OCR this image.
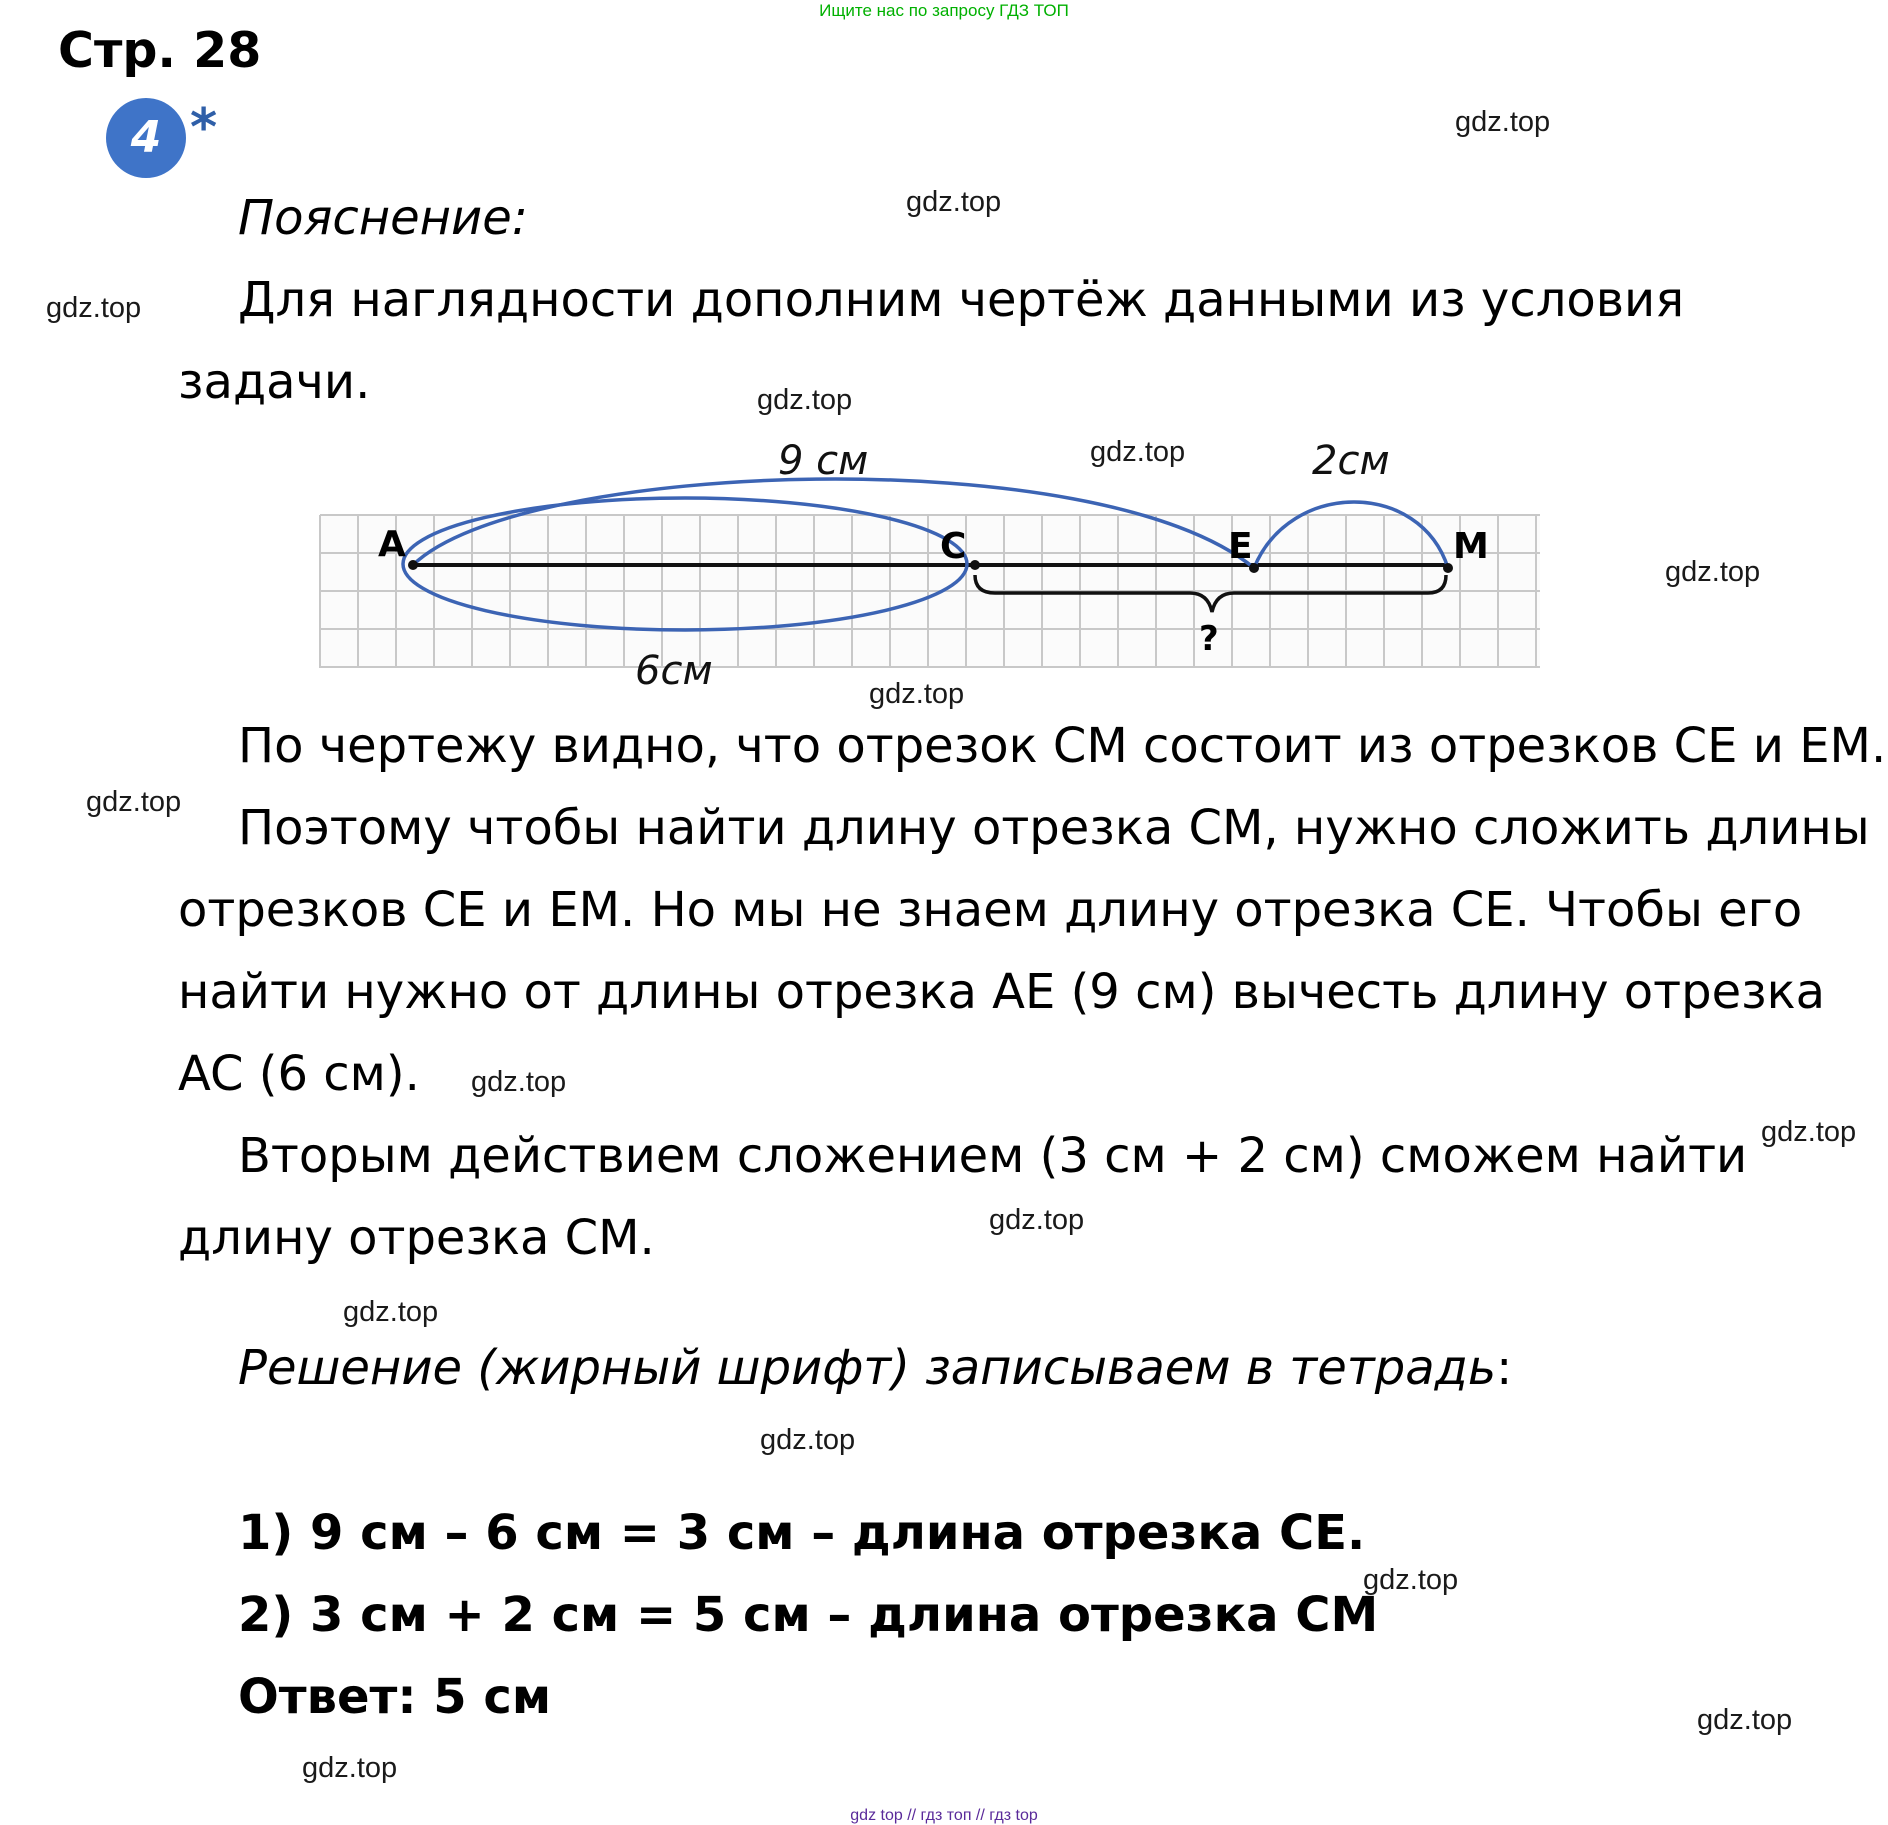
Ищите нас по запросу ГДЗ ТОП
Стр. 28
4 *
Пояснение:
Для наглядности дополним чертёж данными из условия
задачи.
A	C	E	M
?
9 см	2см
6см
По чертежу видно, что отрезок CM состоит из отрезков CE и EM.
Поэтому чтобы найти длину отрезка CM, нужно сложить длины
отрезков CE и EM. Но мы не знаем длину отрезка CE. Чтобы его
найти нужно от длины отрезка AE (9 см) вычесть длину отрезка
AC (6 см).
Вторым действием сложением (3 см + 2 см) сможем найти
длину отрезка CM.
Решение (жирный шрифт) записываем в тетрадь:
1) 9 см – 6 см = 3 см – длина отрезка CE.
2) 3 см + 2 см = 5 см – длина отрезка CM
Ответ: 5 см
gdz.top
gdz.top
gdz.top
gdz.top
gdz.top
gdz.top
gdz.top
gdz.top
gdz.top
gdz.top
gdz.top
gdz.top
gdz.top
gdz.top
gdz.top
gdz.top
gdz top // гдз топ // гдз top
